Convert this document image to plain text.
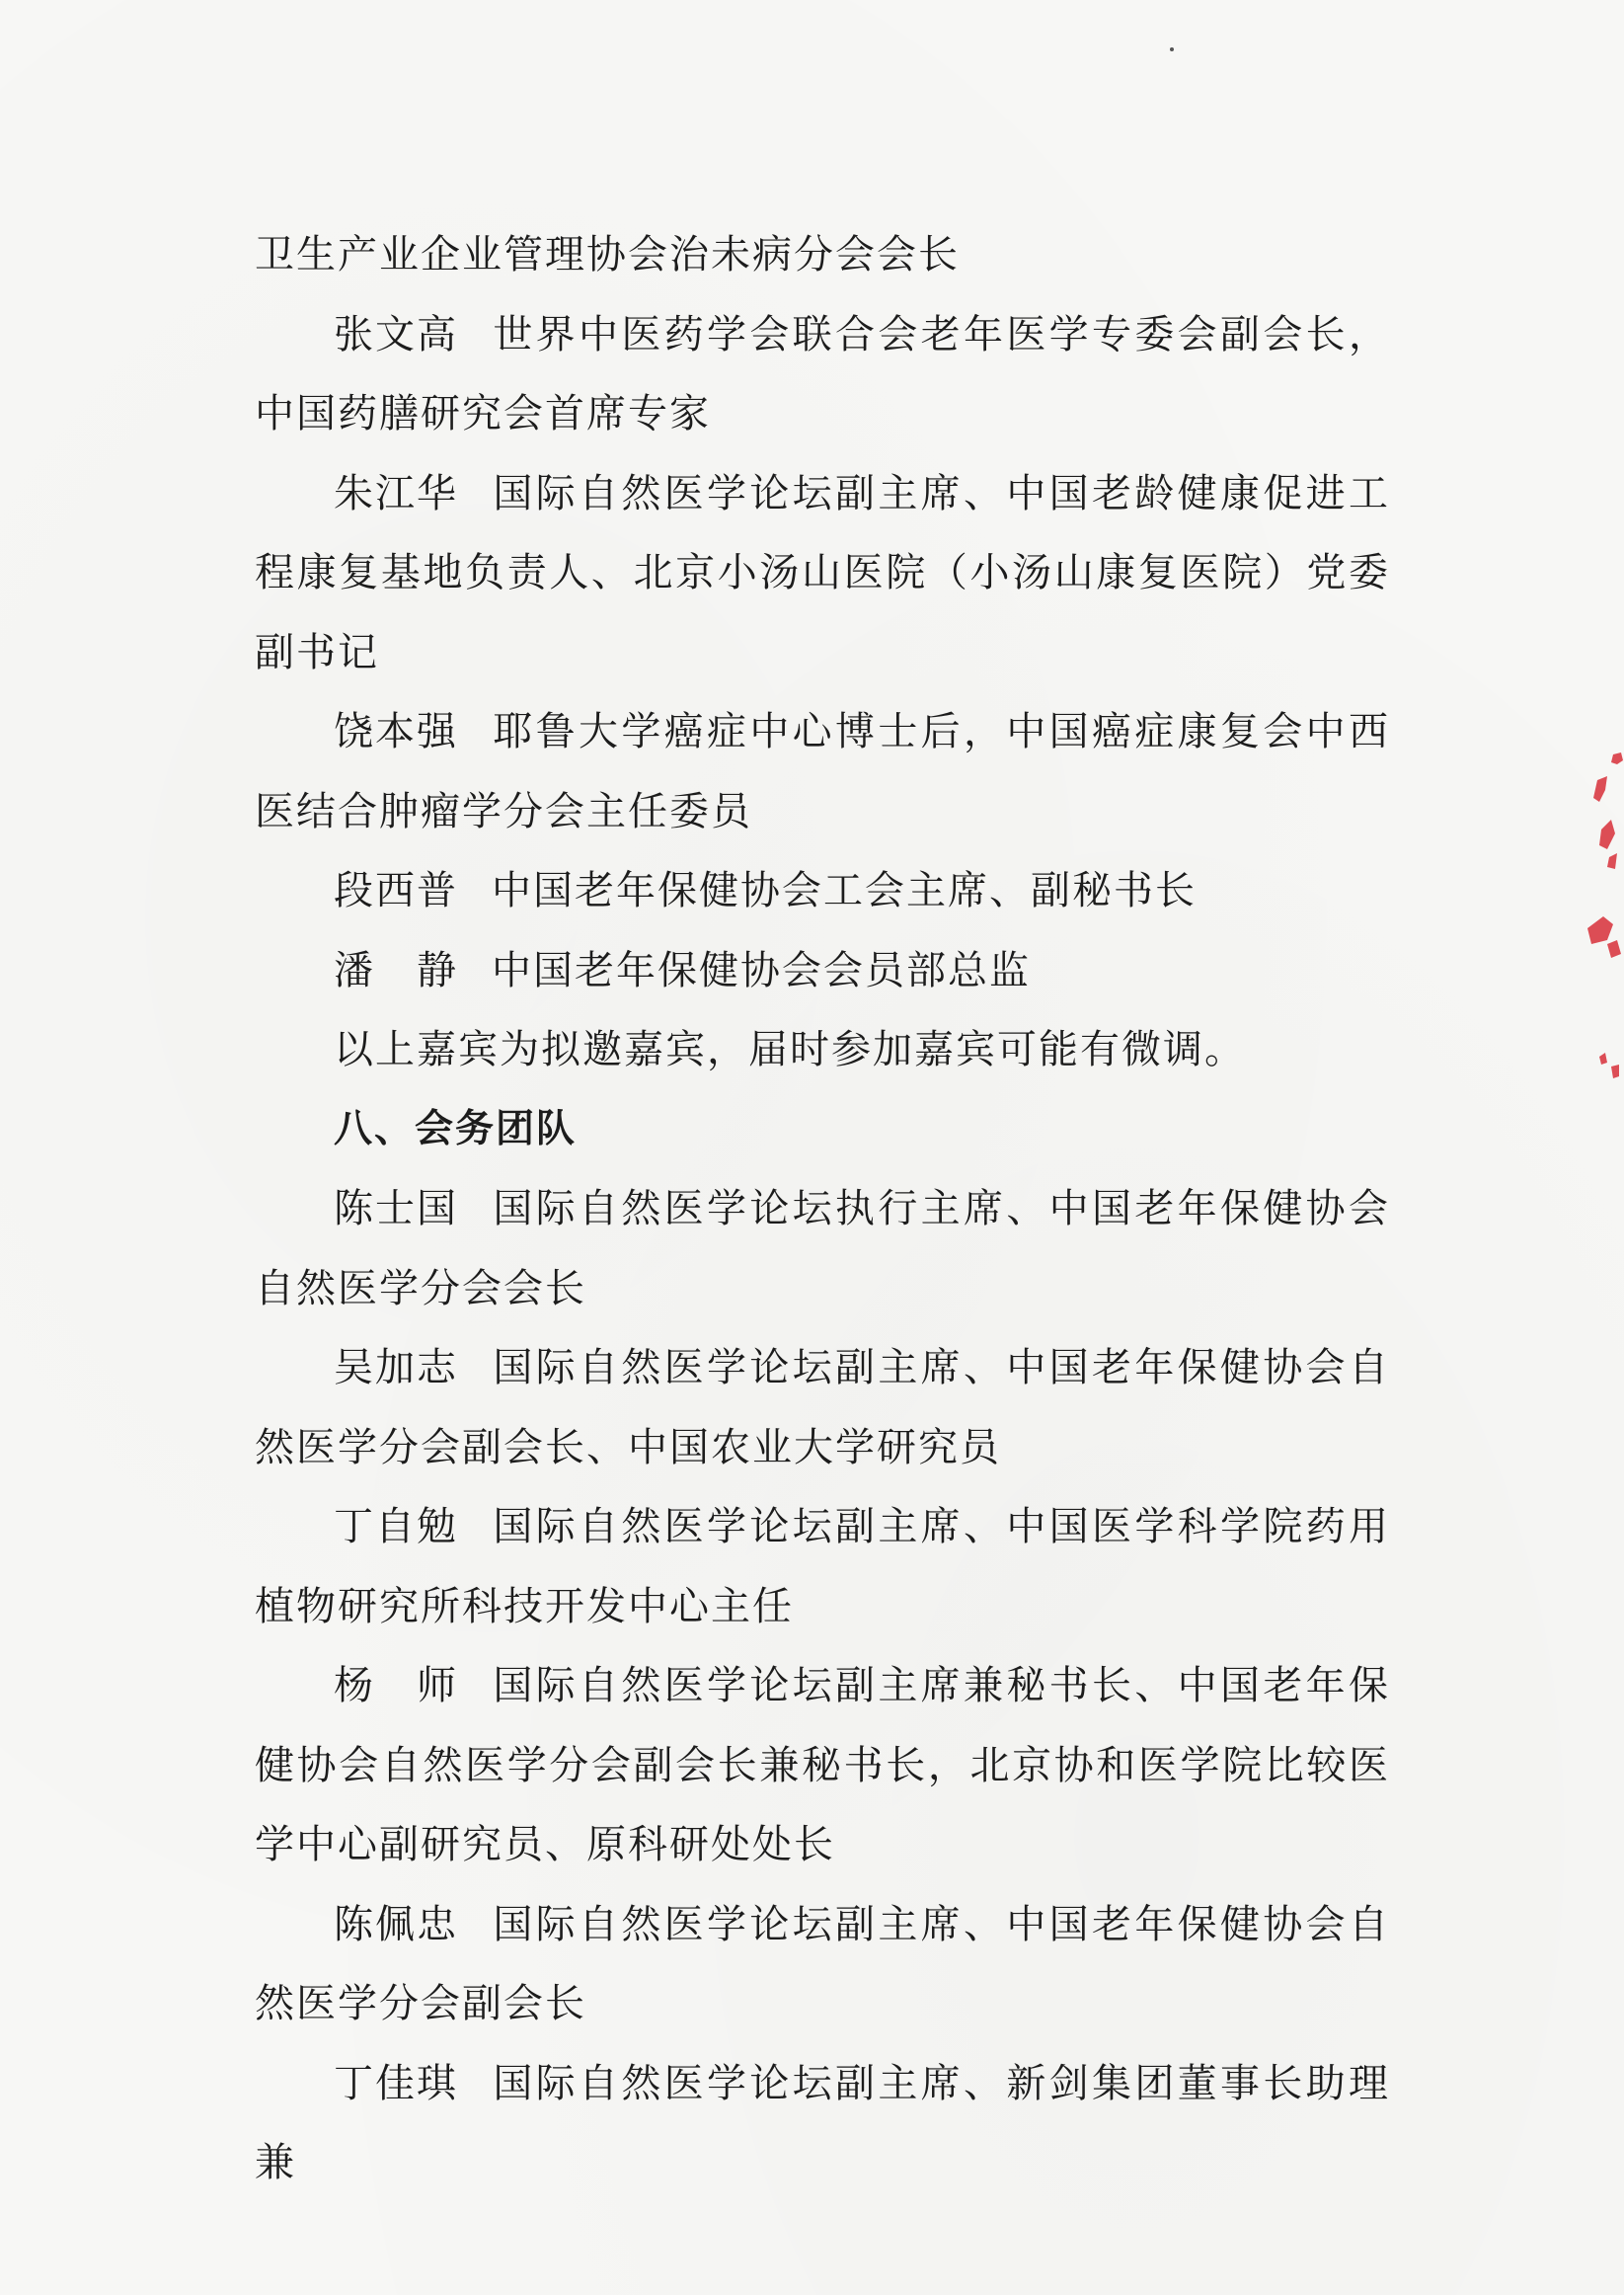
卫生产业企业管理协会治未病分会会长

张文高 世界中医药学会联合会老年医学专委会副会长，中国药膳研究会首席专家

朱江华 国际自然医学论坛副主席、中国老龄健康促进工程康复基地负责人、北京小汤山医院（小汤山康复医院）党委副书记

饶本强 耶鲁大学癌症中心博士后，中国癌症康复会中西医结合肿瘤学分会主任委员

段西普 中国老年保健协会工会主席、副秘书长

潘　静 中国老年保健协会会员部总监

以上嘉宾为拟邀嘉宾，届时参加嘉宾可能有微调。

八、会务团队

陈士国 国际自然医学论坛执行主席、中国老年保健协会自然医学分会会长

吴加志 国际自然医学论坛副主席、中国老年保健协会自然医学分会副会长、中国农业大学研究员

丁自勉 国际自然医学论坛副主席、中国医学科学院药用植物研究所科技开发中心主任

杨　师 国际自然医学论坛副主席兼秘书长、中国老年保健协会自然医学分会副会长兼秘书长，北京协和医学院比较医学中心副研究员、原科研处处长

陈佩忠 国际自然医学论坛副主席、中国老年保健协会自然医学分会副会长

丁佳琪 国际自然医学论坛副主席、新剑集团董事长助理兼
